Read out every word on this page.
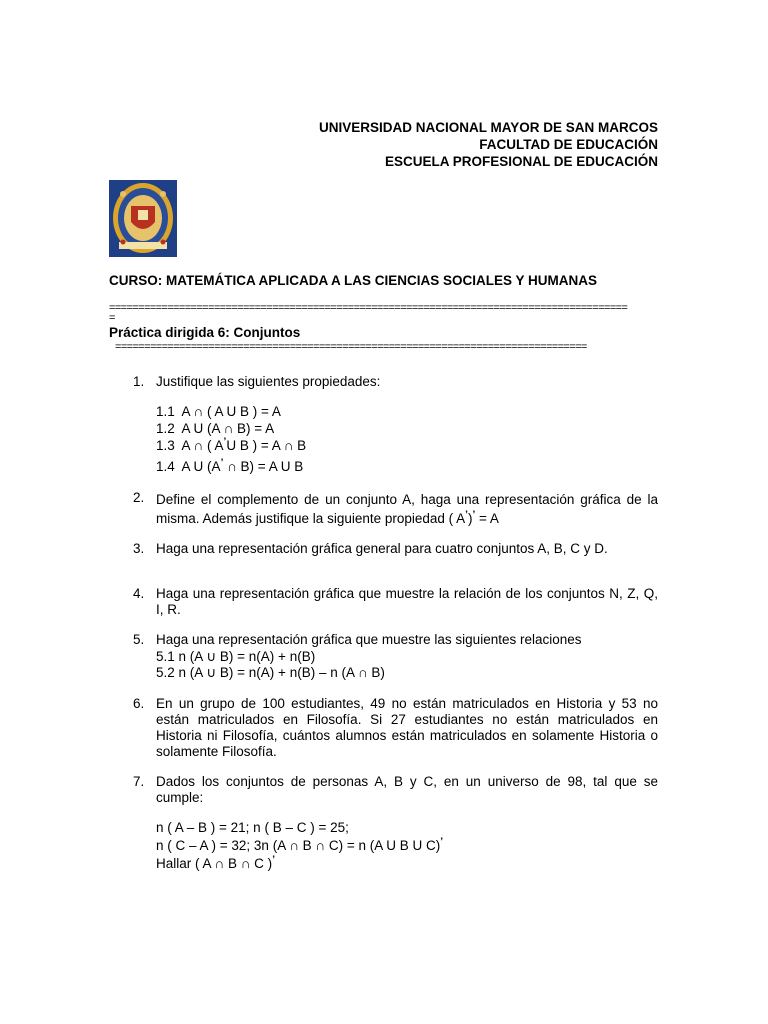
UNIVERSIDAD NACIONAL MAYOR DE SAN MARCOS
FACULTAD DE EDUCACIÓN
ESCUELA PROFESIONAL DE EDUCACIÓN
CURSO: MATEMÁTICA APLICADA A LAS CIENCIAS SOCIALES Y HUMANAS
=========================================================================================
=
Práctica dirigida 6: Conjuntos
=================================================================================
1. Justifique las siguientes propiedades:
1.1 A ∩ ( A U B ) = A
1.2 A U (A ∩ B) = A
1.3 A ∩ ( A’U B ) = A ∩ B
1.4 A U (A’ ∩ B) = A U B
2. Define el complemento de un conjunto A, haga una representación gráfica de la misma. Además justifique la siguiente propiedad ( A’)’ = A
3. Haga una representación gráfica general para cuatro conjuntos A, B, C y D.
4. Haga una representación gráfica que muestre la relación de los conjuntos N, Z, Q, I, R.
5. Haga una representación gráfica que muestre las siguientes relaciones
5.1 n (A ∪ B) = n(A) + n(B)
5.2 n (A ∪ B) = n(A) + n(B) – n (A ∩ B)
6. En un grupo de 100 estudiantes, 49 no están matriculados en Historia y 53 no están matriculados en Filosofía. Si 27 estudiantes no están matriculados en Historia ni Filosofía, cuántos alumnos están matriculados en solamente Historia o solamente Filosofía.
7. Dados los conjuntos de personas A, B y C, en un universo de 98, tal que se cumple:
n ( A – B ) = 21; n ( B – C ) = 25;
n ( C – A ) = 32; 3n (A ∩ B ∩ C) = n (A U B U C)’
Hallar ( A ∩ B ∩ C )’
